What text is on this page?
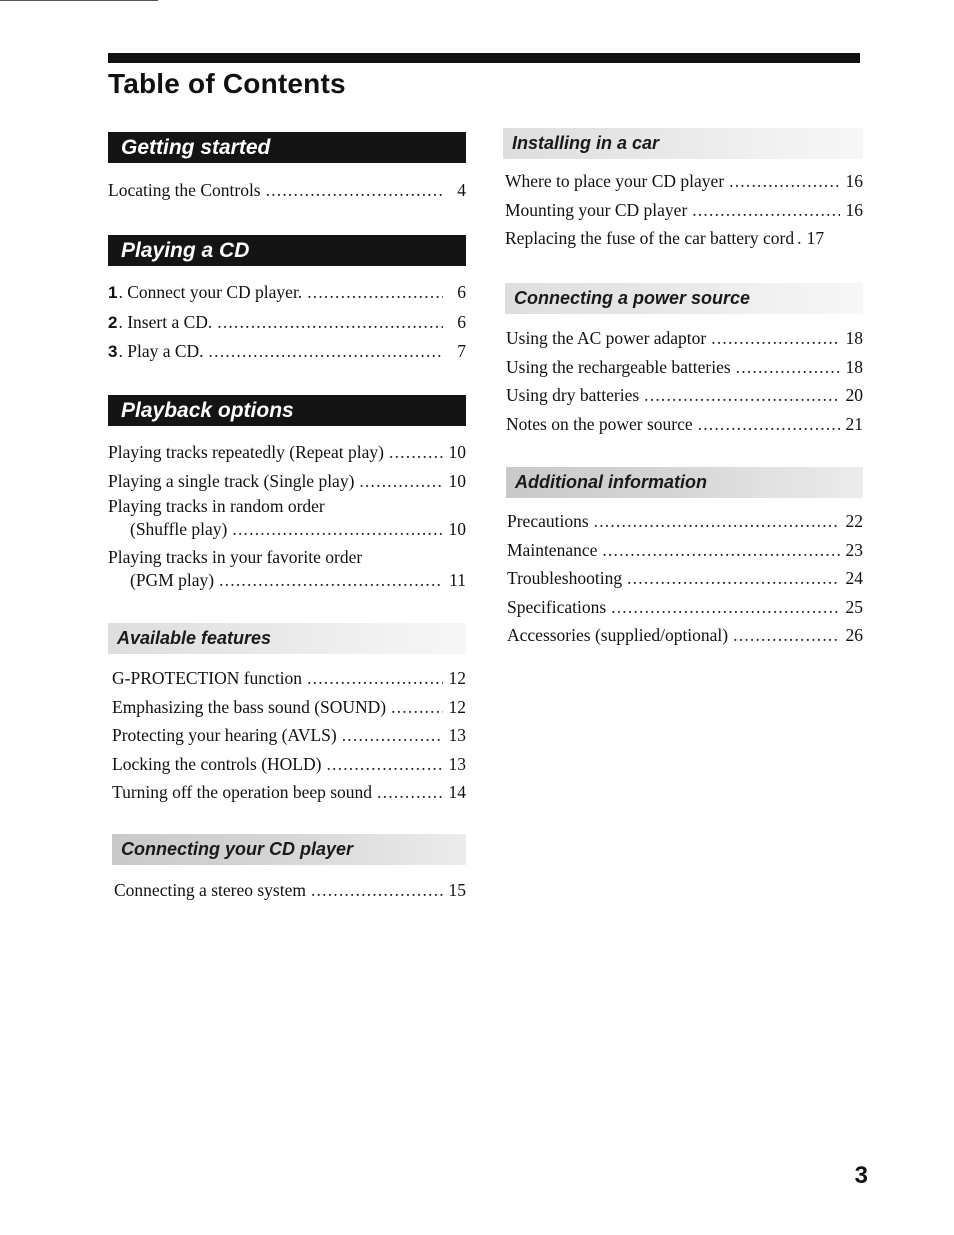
Table of Contents
Getting started
Locating the Controls .....	4
Playing a CD
1. Connect your CD player. .....	6
2. Insert a CD. .....	6
3. Play a CD. .....	7
Playback options
Playing tracks repeatedly (Repeat play) .....	10
Playing a single track (Single play) .....	10
Playing tracks in random order
(Shuffle play) .....	10
Playing tracks in your favorite order
(PGM play) .....	11
Available features
G-PROTECTION function .....	12
Emphasizing the bass sound (SOUND) .....	12
Protecting your hearing (AVLS) .....	13
Locking the controls (HOLD) .....	13
Turning off the operation beep sound .....	14
Connecting your CD player
Connecting a stereo system .....	15
Installing in a car
Where to place your CD player .....	16
Mounting your CD player .....	16
Replacing the fuse of the car battery cord ..... 17
Connecting a power source
Using the AC power adaptor .....	18
Using the rechargeable batteries .....	18
Using dry batteries .....	20
Notes on the power source .....	21
Additional information
Precautions .....	22
Maintenance .....	23
Troubleshooting .....	24
Specifications .....	25
Accessories (supplied/optional) .....	26
3
